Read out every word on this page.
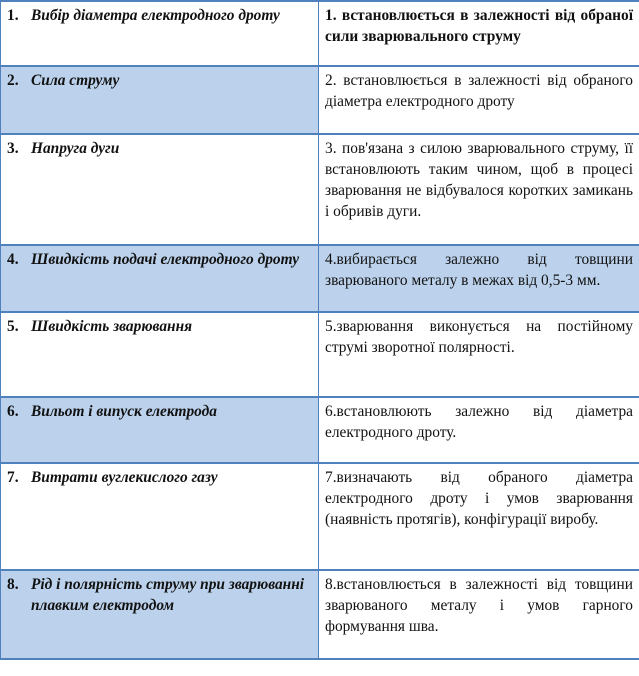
1. Вибір діаметра електродного дроту	1. встановлюється в залежності від обраної сили зварювального струму

2. Сила струму	2. встановлюється в залежності від обраного діаметра електродного дроту

3. Напруга дуги	3. пов'язана з силою зварювального струму, її встановлюють таким чином, щоб в процесі зварювання не відбувалося коротких замикань і обривів дуги.

4. Швидкість подачі електродного дроту	4.вибирається залежно від товщини зварюваного металу в межах від 0,5-3 мм.

5. Швидкість зварювання	5.зварювання виконується на постійному струмі зворотної полярності.

6. Вильот і випуск електрода	6.встановлюють залежно від діаметра електродного дроту.

7. Витрати вуглекислого газу	7.визначають від обраного діаметра електродного дроту і умов зварювання (наявність протягів), конфігурації виробу.

8. Рід і полярність струму при зварюванні плавким електродом	8.встановлюється в залежності від товщини зварюваного металу і умов гарного формування шва.
